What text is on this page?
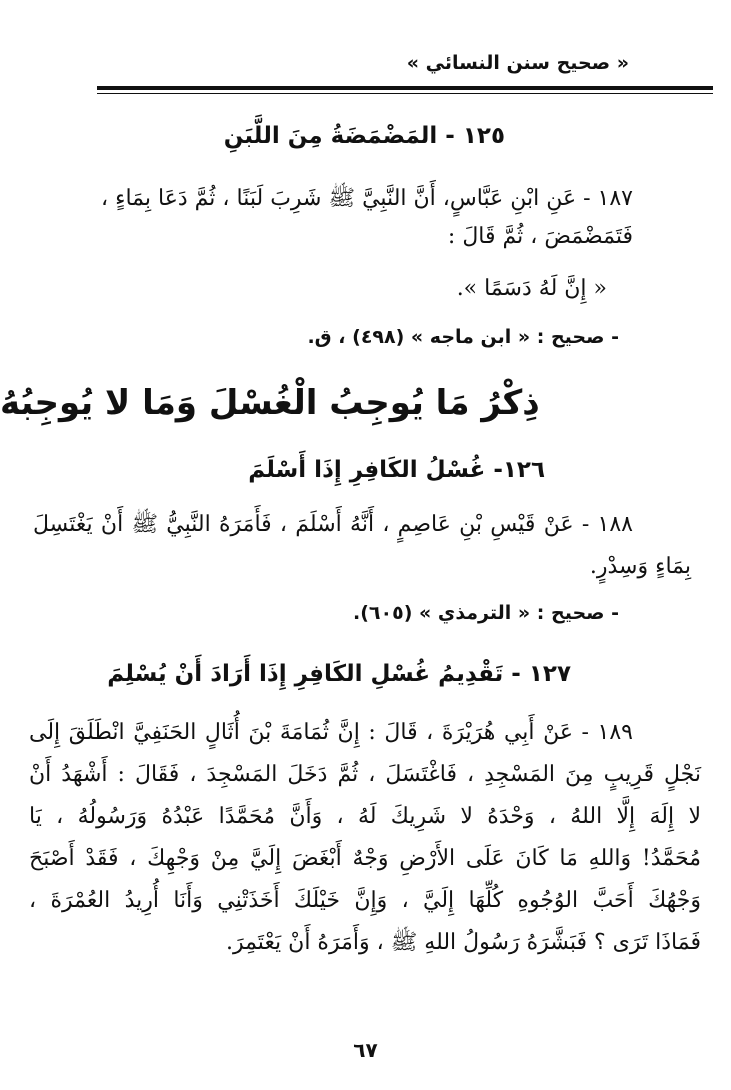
« صحيح سنن النسائي »
١٢٥ - المَضْمَضَةُ مِنَ اللَّبَنِ
١٨٧ - عَنِ ابْنِ عَبَّاسٍ، أَنَّ النَّبِيَّ ﷺ شَرِبَ لَبَنًا ، ثُمَّ دَعَا بِمَاءٍ ،
فَتَمَضْمَضَ ، ثُمَّ قَالَ :
« إِنَّ لَهُ دَسَمًا ».
- صحيح : « ابن ماجه » (٤٩٨) ، ق.
ذِكْرُ مَا يُوجِبُ الْغُسْلَ وَمَا لا يُوجِبُهُ
١٢٦- غُسْلُ الكَافِرِ إِذَا أَسْلَمَ
١٨٨ - عَنْ قَيْسِ بْنِ عَاصِمٍ ، أَنَّهُ أَسْلَمَ ، فَأَمَرَهُ النَّبِيُّ ﷺ أَنْ يَغْتَسِلَ
بِمَاءٍ وَسِدْرٍ.
- صحيح : « الترمذي » (٦٠٥).
١٢٧ - تَقْدِيمُ غُسْلِ الكَافِرِ إِذَا أَرَادَ أَنْ يُسْلِمَ
١٨٩ - عَنْ أَبِي هُرَيْرَةَ ، قَالَ : إِنَّ ثُمَامَةَ بْنَ أُثَالٍ الحَنَفِيَّ انْطَلَقَ إِلَى
نَجْلٍ قَرِيبٍ مِنَ المَسْجِدِ ، فَاغْتَسَلَ ، ثُمَّ دَخَلَ المَسْجِدَ ، فَقَالَ : أَشْهَدُ أَنْ
لا إِلَهَ إِلَّا اللهُ ، وَحْدَهُ لا شَرِيكَ لَهُ ، وَأَنَّ مُحَمَّدًا عَبْدُهُ وَرَسُولُهُ ، يَا
مُحَمَّدُ! وَاللهِ مَا كَانَ عَلَى الأَرْضِ وَجْهٌ أَبْغَضَ إِلَيَّ مِنْ وَجْهِكَ ، فَقَدْ أَصْبَحَ
وَجْهُكَ أَحَبَّ الوُجُوهِ كُلِّهَا إِلَيَّ ، وَإِنَّ خَيْلَكَ أَخَذَتْنِي وَأَنَا أُرِيدُ العُمْرَةَ ،
فَمَاذَا تَرَى ؟ فَبَشَّرَهُ رَسُولُ اللهِ ﷺ ، وَأَمَرَهُ أَنْ يَعْتَمِرَ.
٦٧
